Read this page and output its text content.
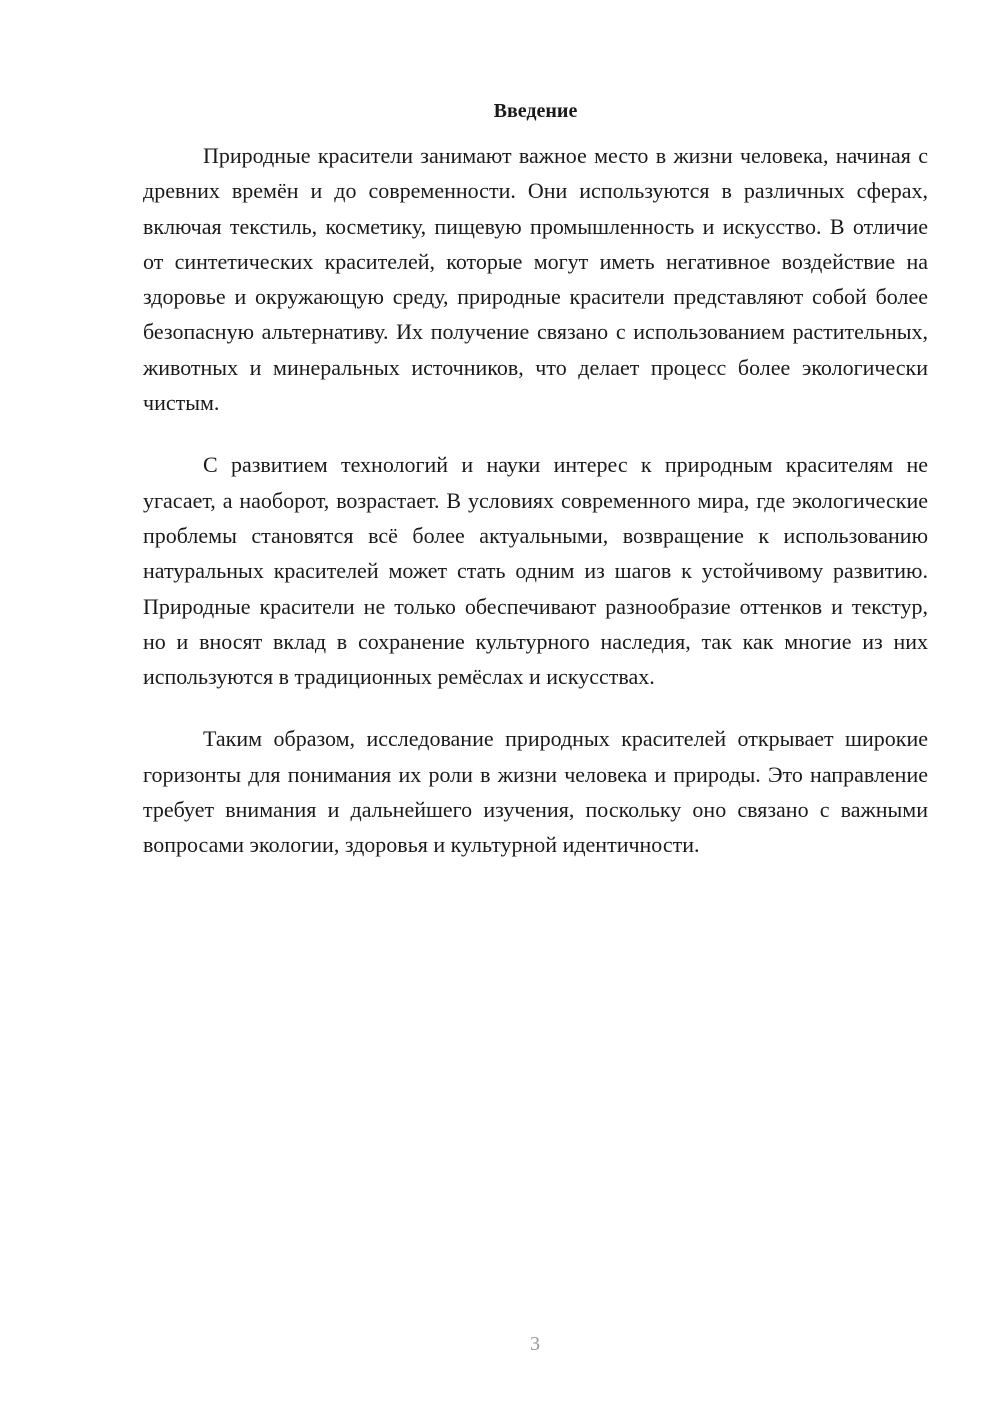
Введение

Природные красители занимают важное место в жизни человека, начиная с древних времён и до современности. Они используются в различных сферах, включая текстиль, косметику, пищевую промышленность и искусство. В отличие от синтетических красителей, которые могут иметь негативное воздействие на здоровье и окружающую среду, природные красители представляют собой более безопасную альтернативу. Их получение связано с использованием растительных, животных и минеральных источников, что делает процесс более экологически чистым.

С развитием технологий и науки интерес к природным красителям не угасает, а наоборот, возрастает. В условиях современного мира, где экологические проблемы становятся всё более актуальными, возвращение к использованию натуральных красителей может стать одним из шагов к устойчивому развитию. Природные красители не только обеспечивают разнообразие оттенков и текстур, но и вносят вклад в сохранение культурного наследия, так как многие из них используются в традиционных ремёслах и искусствах.

Таким образом, исследование природных красителей открывает широкие горизонты для понимания их роли в жизни человека и природы. Это направление требует внимания и дальнейшего изучения, поскольку оно связано с важными вопросами экологии, здоровья и культурной идентичности.

3
